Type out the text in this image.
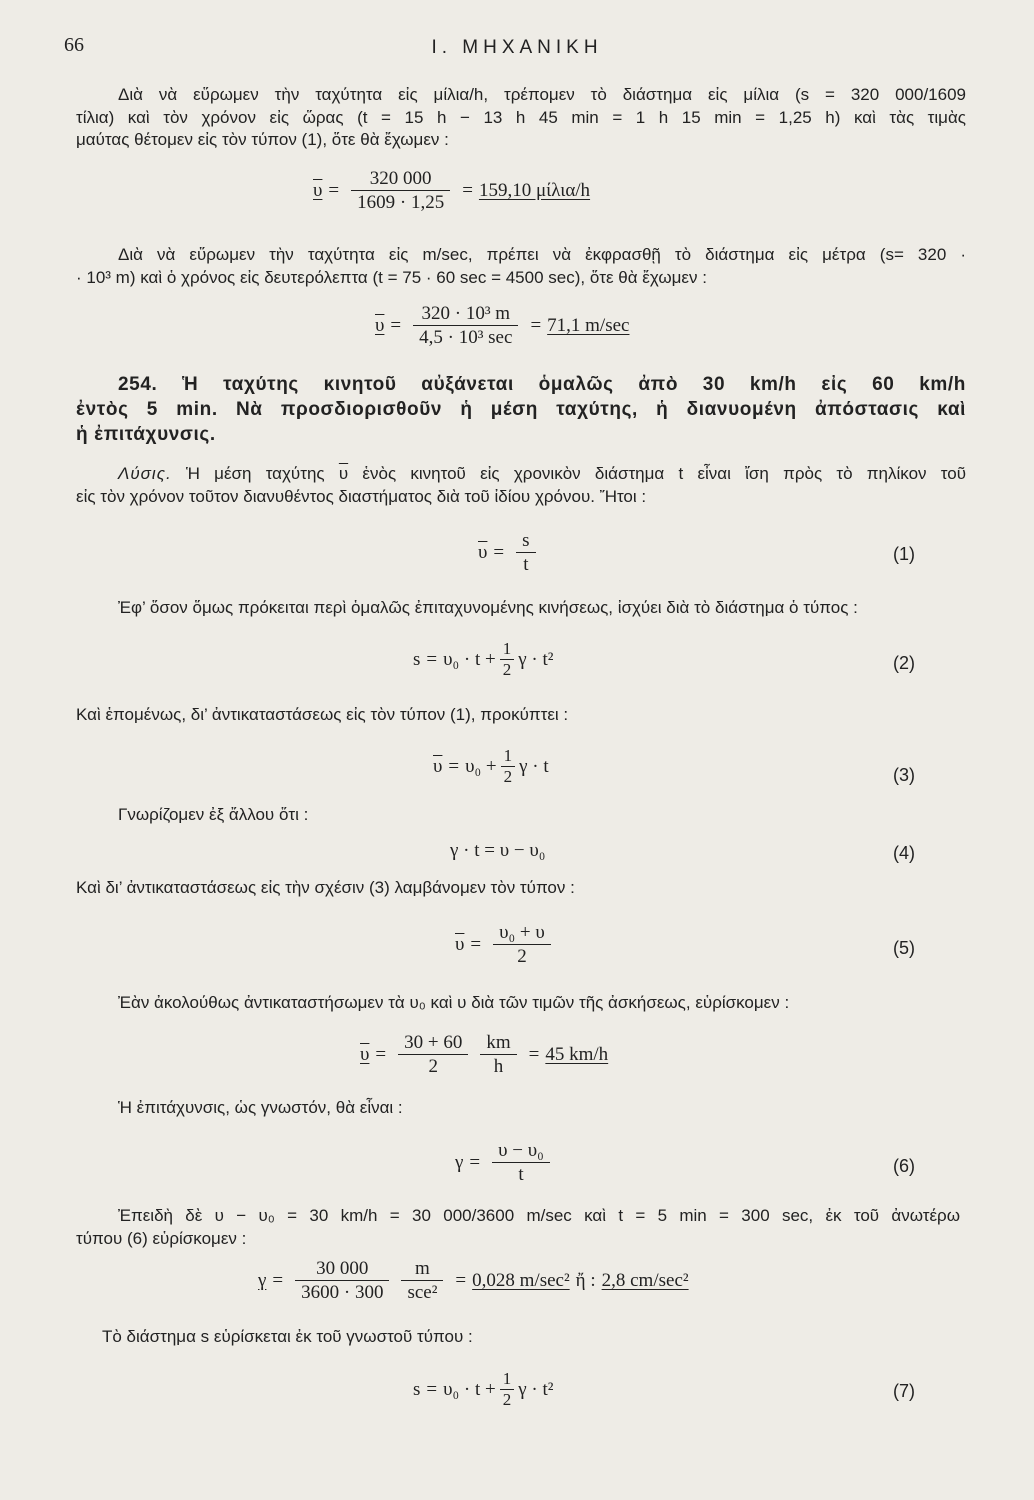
66	Ι. ΜΗΧΑΝΙΚΗ
Διὰ νὰ εὕρωμεν τὴν ταχύτητα εἰς μίλια/h, τρέπομεν τὸ διάστημα εἰς μίλια (s = 320 000/1609
τίλια) καὶ τὸν χρόνον εἰς ὥρας (t = 15 h − 13 h 45 min = 1 h 15 min = 1,25 h) καὶ τὰς τιμὰς
μαύτας θέτομεν εἰς τὸν τύπον (1), ὅτε θὰ ἔχωμεν :
$\upsilon = \frac{320 000}{1609 \cdot 1,25} = 159,10$ μίλια/h
Διὰ νὰ εὕρωμεν τὴν ταχύτητα εἰς m/sec, πρέπει νὰ ἐκφρασθῇ τὸ διάστημα εἰς μέτρα (s= 320 ·
· 10³ m) καὶ ὁ χρόνος εἰς δευτερόλεπτα (t = 75 · 60 sec = 4500 sec), ὅτε θὰ ἔχωμεν :
$\upsilon = \frac{\text{320 · 10³ m}}{\text{4,5 · 10³ sec}} = 71,1$ m/sec
254. Ἡ ταχύτης κινητοῦ αὐξάνεται ὁμαλῶς ἀπὸ 30 km/h εἰς 60 km/h
ἐντὸς 5 min. Νὰ προσδιορισθοῦν ἡ μέση ταχύτης, ἡ διανυομένη ἀπόστασις καὶ
ἡ ἐπιτάχυνσις.
Λύσις. Ἡ μέση ταχύτης $\overline{\upsilon}$ ἑνὸς κινητοῦ εἰς χρονικὸν διάστημα t εἶναι ἴση πρὸς τὸ πηλίκον τοῦ
εἰς τὸν χρόνον τοῦτον διανυθέντος διαστήματος διὰ τοῦ ἰδίου χρόνου. Ἤτοι :
$\overline{\upsilon} = \frac{s}{t}$	(1)
Ἐφ’ ὅσον ὅμως πρόκειται περὶ ὁμαλῶς ἐπιταχυνομένης κινήσεως, ἰσχύει διὰ τὸ διάστημα ὁ τύπος :
$s = \upsilon_0 \cdot t + \frac{1}{2}$ γ · t²	(2)
Καὶ ἑπομένως, δι’ ἀντικαταστάσεως εἰς τὸν τύπον (1), προκύπτει :
$\overline{\upsilon} = \upsilon_0 + \frac{1}{2}$ γ · t	(3)
Γνωρίζομεν ἐξ ἄλλου ὅτι :
γ · t = υ − υ₀	(4)
Καὶ δι’ ἀντικαταστάσεως εἰς τὴν σχέσιν (3) λαμβάνομεν τὸν τύπον :
$\overline{\upsilon} = \frac{\text{υ₀ + υ}}{2}$	(5)
Ἐὰν ἀκολούθως ἀντικαταστήσωμεν τὰ υ₀ καὶ υ διὰ τῶν τιμῶν τῆς ἀσκήσεως, εὑρίσκομεν :
$\upsilon = \frac{30 + 60}{2} \frac{km}{h} = 45$ km/h
Ἡ ἐπιτάχυνσις, ὡς γνωστόν, θὰ εἶναι :
$\gamma = \frac{\text{υ − υ₀}}{t}$	(6)
Ἐπειδὴ δὲ υ − υ₀ = 30 km/h = 30 000/3600 m/sec καὶ t = 5 min = 300 sec, ἐκ τοῦ ἀνωτέρω
τύπου (6) εὑρίσκομεν :
$\gamma = \frac{30 000}{3600 \cdot 300} \frac{m}{\text{sce²}} = 0,028$ m/sec² ἤ : 2,8 cm/sec²
Τὸ διάστημα s εὑρίσκεται ἐκ τοῦ γνωστοῦ τύπου :
$s = \upsilon_0 \cdot t + \frac{1}{2}$ γ · t²	(7)
